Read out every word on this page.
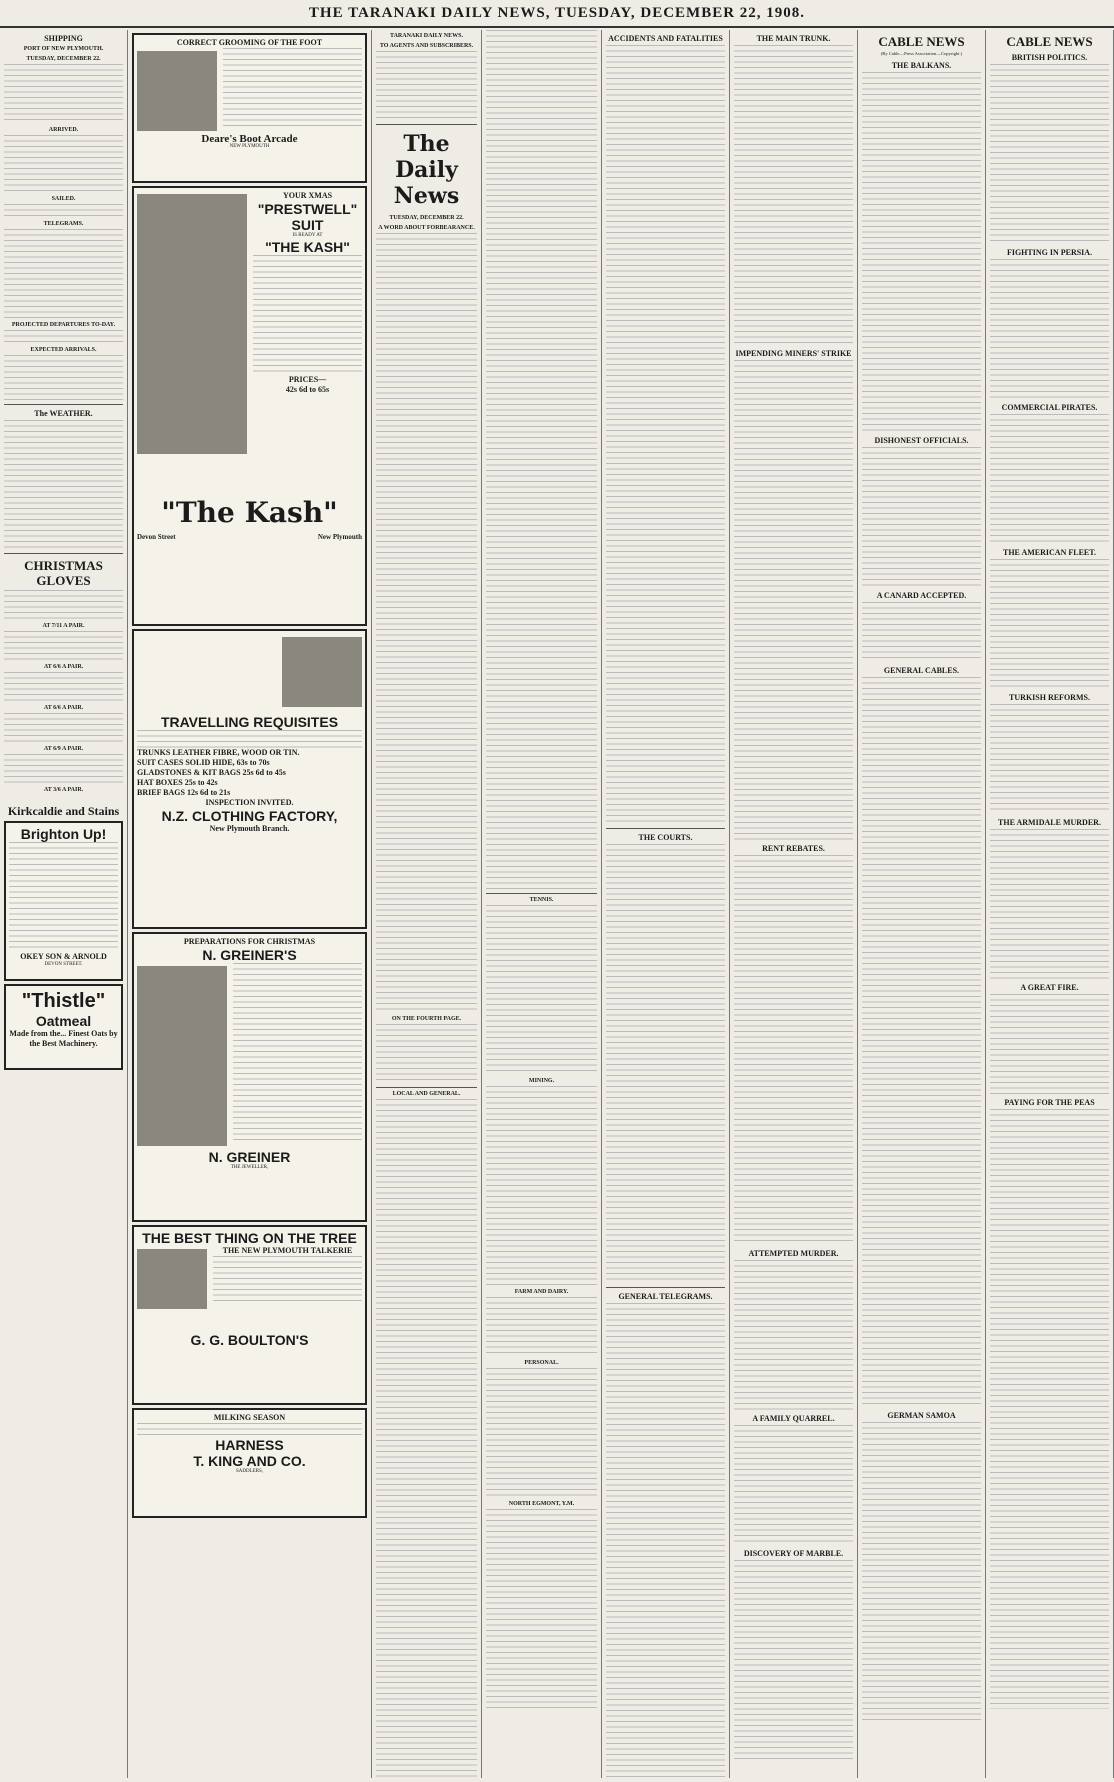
THE TARANAKI DAILY NEWS, TUESDAY, DECEMBER 22, 1908.
SHIPPING
PORT OF NEW PLYMOUTH.
TUESDAY, DECEMBER 22.
ARRIVED.
SAILED.
TELEGRAMS.
PROJECTED DEPARTURES TO-DAY.
EXPECTED ARRIVALS.
The WEATHER.
CHRISTMAS GLOVES
AT 7/11 A PAIR.
AT 6/6 A PAIR.
AT 6/6 A PAIR.
AT 6/9 A PAIR.
AT 3/6 A PAIR.
Kirkcaldie and Stains
Brighton Up!
OKEY SON & ARNOLD
DEVON STREET.
"Thistle"
Oatmeal
Made from the... Finest Oats by the Best Machinery.
CORRECT GROOMING OF THE FOOT
Deare's Boot Arcade
NEW PLYMOUTH
YOUR XMAS
"PRESTWELL"
SUIT
IS READY AT
"THE KASH"
PRICES—
42s 6d to 65s
"The Kash"
Devon Street	New Plymouth
TRAVELLING REQUISITES
TRUNKS LEATHER FIBRE, WOOD OR TIN.
SUIT CASES SOLID HIDE, 63s to 70s
GLADSTONES & KIT BAGS 25s 6d to 45s
HAT BOXES 25s to 42s
BRIEF BAGS 12s 6d to 21s
INSPECTION INVITED.
N.Z. CLOTHING FACTORY,
New Plymouth Branch.
PREPARATIONS FOR CHRISTMAS
N. GREINER'S
N. GREINER
THE JEWELLER,
THE BEST THING ON THE TREE
THE NEW PLYMOUTH TALKERIE
G. G. BOULTON'S
MILKING SEASON
HARNESS
T. KING AND CO.
SADDLERS,
TARANAKI DAILY NEWS.
TO AGENTS AND SUBSCRIBERS.
The Daily News
TUESDAY, DECEMBER 22.
A WORD ABOUT FORBEARANCE.
ON THE FOURTH PAGE.
LOCAL AND GENERAL.
TENNIS.
MINING.
FARM AND DAIRY.
PERSONAL.
NORTH EGMONT, Y.M.
ACCIDENTS AND FATALITIES
THE COURTS.
GENERAL TELEGRAMS.
THE MAIN TRUNK.
IMPENDING MINERS' STRIKE
RENT REBATES.
ATTEMPTED MURDER.
A FAMILY QUARREL.
DISCOVERY OF MARBLE.
CABLE NEWS
(By Cable—Press Association—Copyright.)
THE BALKANS.
DISHONEST OFFICIALS.
A CANARD ACCEPTED.
GENERAL CABLES.
GERMAN SAMOA
CABLE NEWS
BRITISH POLITICS.
FIGHTING IN PERSIA.
COMMERCIAL PIRATES.
THE AMERICAN FLEET.
TURKISH REFORMS.
THE ARMIDALE MURDER.
A GREAT FIRE.
PAYING FOR THE PEAS
